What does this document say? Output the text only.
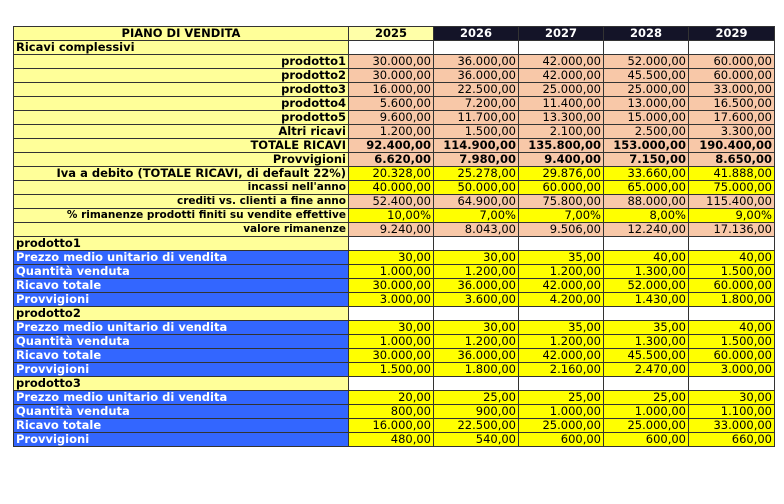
PIANO DI VENDITA	2025	2026	2027	2028	2029
Ricavi complessivi					
prodotto1	30.000,00	36.000,00	42.000,00	52.000,00	60.000,00
prodotto2	30.000,00	36.000,00	42.000,00	45.500,00	60.000,00
prodotto3	16.000,00	22.500,00	25.000,00	25.000,00	33.000,00
prodotto4	5.600,00	7.200,00	11.400,00	13.000,00	16.500,00
prodotto5	9.600,00	11.700,00	13.300,00	15.000,00	17.600,00
Altri ricavi	1.200,00	1.500,00	2.100,00	2.500,00	3.300,00
TOTALE RICAVI	92.400,00	114.900,00	135.800,00	153.000,00	190.400,00
Provvigioni	6.620,00	7.980,00	9.400,00	7.150,00	8.650,00
Iva a debito (TOTALE RICAVI, di default 22%)	20.328,00	25.278,00	29.876,00	33.660,00	41.888,00
incassi nell'anno	40.000,00	50.000,00	60.000,00	65.000,00	75.000,00
crediti vs. clienti a fine anno	52.400,00	64.900,00	75.800,00	88.000,00	115.400,00
% rimanenze prodotti finiti su vendite effettive	10,00%	7,00%	7,00%	8,00%	9,00%
valore rimanenze	9.240,00	8.043,00	9.506,00	12.240,00	17.136,00
prodotto1					
Prezzo medio unitario di vendita	30,00	30,00	35,00	40,00	40,00
Quantità venduta	1.000,00	1.200,00	1.200,00	1.300,00	1.500,00
Ricavo totale	30.000,00	36.000,00	42.000,00	52.000,00	60.000,00
Provvigioni	3.000,00	3.600,00	4.200,00	1.430,00	1.800,00
prodotto2					
Prezzo medio unitario di vendita	30,00	30,00	35,00	35,00	40,00
Quantità venduta	1.000,00	1.200,00	1.200,00	1.300,00	1.500,00
Ricavo totale	30.000,00	36.000,00	42.000,00	45.500,00	60.000,00
Provvigioni	1.500,00	1.800,00	2.160,00	2.470,00	3.000,00
prodotto3					
Prezzo medio unitario di vendita	20,00	25,00	25,00	25,00	30,00
Quantità venduta	800,00	900,00	1.000,00	1.000,00	1.100,00
Ricavo totale	16.000,00	22.500,00	25.000,00	25.000,00	33.000,00
Provvigioni	480,00	540,00	600,00	600,00	660,00
